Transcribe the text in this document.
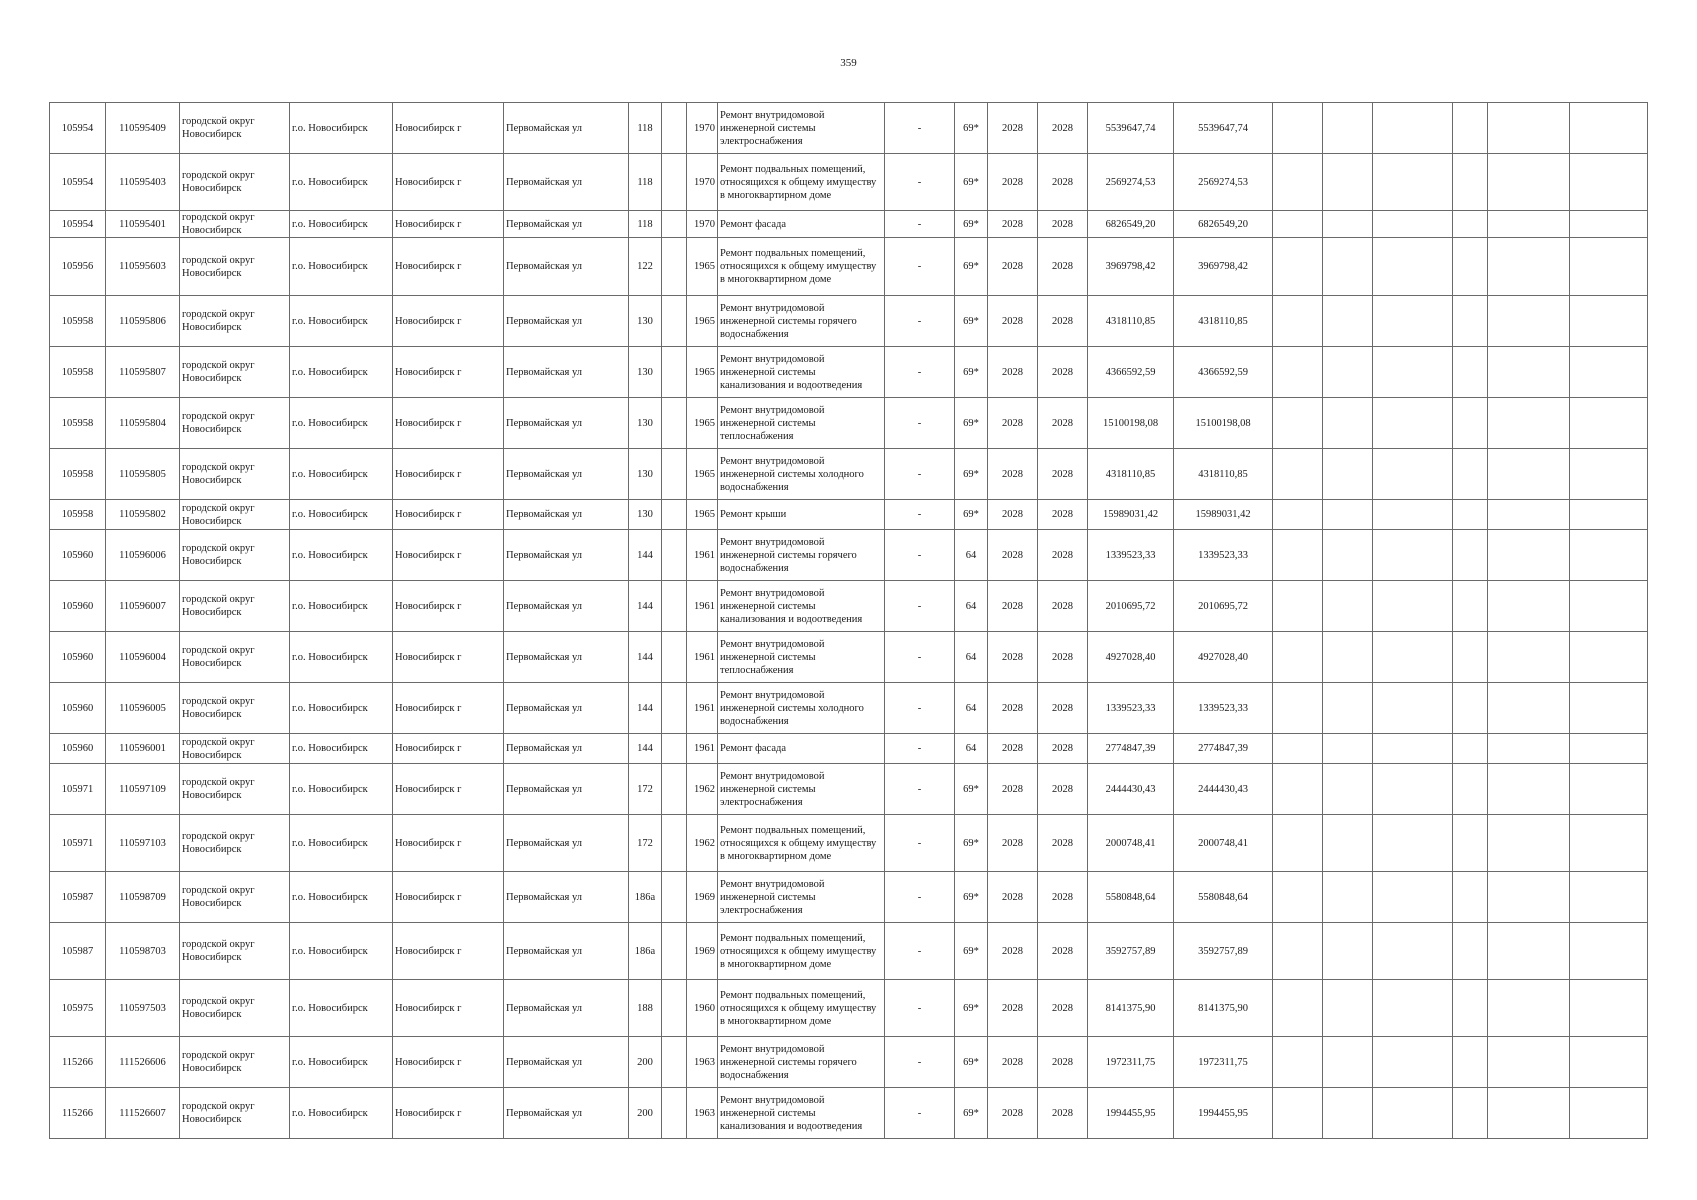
359
105954	110595409	городской округ Новосибирск	г.о. Новосибирск	Новосибирск г	Первомайская ул	118		1970	Ремонт внутридомовой инженерной системы электроснабжения	-	69*	2028	2028	5539647,74	5539647,74						
105954	110595403	городской округ Новосибирск	г.о. Новосибирск	Новосибирск г	Первомайская ул	118		1970	Ремонт подвальных помещений, относящихся к общему имуществу в многоквартирном доме	-	69*	2028	2028	2569274,53	2569274,53						
105954	110595401	городской округ Новосибирск	г.о. Новосибирск	Новосибирск г	Первомайская ул	118		1970	Ремонт фасада	-	69*	2028	2028	6826549,20	6826549,20						
105956	110595603	городской округ Новосибирск	г.о. Новосибирск	Новосибирск г	Первомайская ул	122		1965	Ремонт подвальных помещений, относящихся к общему имуществу в многоквартирном доме	-	69*	2028	2028	3969798,42	3969798,42						
105958	110595806	городской округ Новосибирск	г.о. Новосибирск	Новосибирск г	Первомайская ул	130		1965	Ремонт внутридомовой инженерной системы горячего водоснабжения	-	69*	2028	2028	4318110,85	4318110,85						
105958	110595807	городской округ Новосибирск	г.о. Новосибирск	Новосибирск г	Первомайская ул	130		1965	Ремонт внутридомовой инженерной системы канализования и водоотведения	-	69*	2028	2028	4366592,59	4366592,59						
105958	110595804	городской округ Новосибирск	г.о. Новосибирск	Новосибирск г	Первомайская ул	130		1965	Ремонт внутридомовой инженерной системы теплоснабжения	-	69*	2028	2028	15100198,08	15100198,08						
105958	110595805	городской округ Новосибирск	г.о. Новосибирск	Новосибирск г	Первомайская ул	130		1965	Ремонт внутридомовой инженерной системы холодного водоснабжения	-	69*	2028	2028	4318110,85	4318110,85						
105958	110595802	городской округ Новосибирск	г.о. Новосибирск	Новосибирск г	Первомайская ул	130		1965	Ремонт крыши	-	69*	2028	2028	15989031,42	15989031,42						
105960	110596006	городской округ Новосибирск	г.о. Новосибирск	Новосибирск г	Первомайская ул	144		1961	Ремонт внутридомовой инженерной системы горячего водоснабжения	-	64	2028	2028	1339523,33	1339523,33						
105960	110596007	городской округ Новосибирск	г.о. Новосибирск	Новосибирск г	Первомайская ул	144		1961	Ремонт внутридомовой инженерной системы канализования и водоотведения	-	64	2028	2028	2010695,72	2010695,72						
105960	110596004	городской округ Новосибирск	г.о. Новосибирск	Новосибирск г	Первомайская ул	144		1961	Ремонт внутридомовой инженерной системы теплоснабжения	-	64	2028	2028	4927028,40	4927028,40						
105960	110596005	городской округ Новосибирск	г.о. Новосибирск	Новосибирск г	Первомайская ул	144		1961	Ремонт внутридомовой инженерной системы холодного водоснабжения	-	64	2028	2028	1339523,33	1339523,33						
105960	110596001	городской округ Новосибирск	г.о. Новосибирск	Новосибирск г	Первомайская ул	144		1961	Ремонт фасада	-	64	2028	2028	2774847,39	2774847,39						
105971	110597109	городской округ Новосибирск	г.о. Новосибирск	Новосибирск г	Первомайская ул	172		1962	Ремонт внутридомовой инженерной системы электроснабжения	-	69*	2028	2028	2444430,43	2444430,43						
105971	110597103	городской округ Новосибирск	г.о. Новосибирск	Новосибирск г	Первомайская ул	172		1962	Ремонт подвальных помещений, относящихся к общему имуществу в многоквартирном доме	-	69*	2028	2028	2000748,41	2000748,41						
105987	110598709	городской округ Новосибирск	г.о. Новосибирск	Новосибирск г	Первомайская ул	186а		1969	Ремонт внутридомовой инженерной системы электроснабжения	-	69*	2028	2028	5580848,64	5580848,64						
105987	110598703	городской округ Новосибирск	г.о. Новосибирск	Новосибирск г	Первомайская ул	186а		1969	Ремонт подвальных помещений, относящихся к общему имуществу в многоквартирном доме	-	69*	2028	2028	3592757,89	3592757,89						
105975	110597503	городской округ Новосибирск	г.о. Новосибирск	Новосибирск г	Первомайская ул	188		1960	Ремонт подвальных помещений, относящихся к общему имуществу в многоквартирном доме	-	69*	2028	2028	8141375,90	8141375,90						
115266	111526606	городской округ Новосибирск	г.о. Новосибирск	Новосибирск г	Первомайская ул	200		1963	Ремонт внутридомовой инженерной системы горячего водоснабжения	-	69*	2028	2028	1972311,75	1972311,75						
115266	111526607	городской округ Новосибирск	г.о. Новосибирск	Новосибирск г	Первомайская ул	200		1963	Ремонт внутридомовой инженерной системы канализования и водоотведения	-	69*	2028	2028	1994455,95	1994455,95						
